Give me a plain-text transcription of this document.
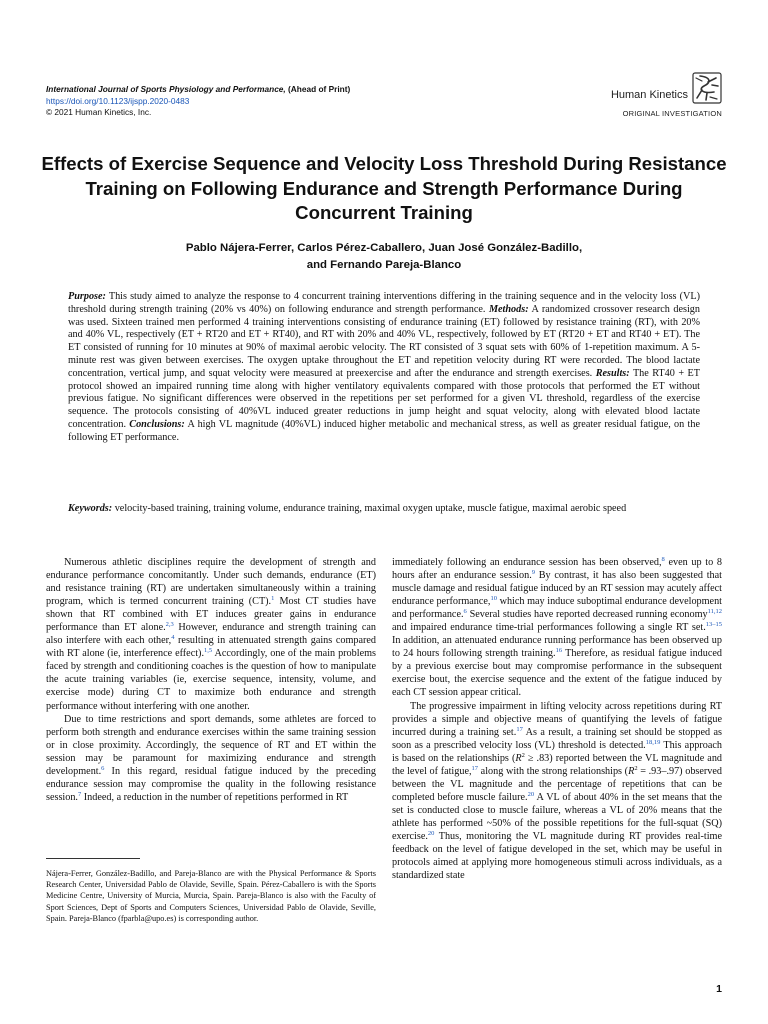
International Journal of Sports Physiology and Performance, (Ahead of Print)
https://doi.org/10.1123/ijspp.2020-0483
© 2021 Human Kinetics, Inc.
Human Kinetics
ORIGINAL INVESTIGATION
Effects of Exercise Sequence and Velocity Loss Threshold During Resistance Training on Following Endurance and Strength Performance During Concurrent Training
Pablo Nájera-Ferrer, Carlos Pérez-Caballero, Juan José González-Badillo,
and Fernando Pareja-Blanco
Purpose: This study aimed to analyze the response to 4 concurrent training interventions differing in the training sequence and in the velocity loss (VL) threshold during strength training (20% vs 40%) on following endurance and strength performance. Methods: A randomized crossover research design was used. Sixteen trained men performed 4 training interventions consisting of endurance training (ET) followed by resistance training (RT), with 20% and 40% VL, respectively (ET + RT20 and ET + RT40), and RT with 20% and 40% VL, respectively, followed by ET (RT20 + ET and RT40 + ET). The ET consisted of running for 10 minutes at 90% of maximal aerobic velocity. The RT consisted of 3 squat sets with 60% of 1-repetition maximum. A 5-minute rest was given between exercises. The oxygen uptake throughout the ET and repetition velocity during RT were recorded. The blood lactate concentration, vertical jump, and squat velocity were measured at preexercise and after the endurance and strength exercises. Results: The RT40 + ET protocol showed an impaired running time along with higher ventilatory equivalents compared with those protocols that performed the ET without previous fatigue. No significant differences were observed in the repetitions per set performed for a given VL threshold, regardless of the exercise sequence. The protocols consisting of 40%VL induced greater reductions in jump height and squat velocity, along with elevated blood lactate concentration. Conclusions: A high VL magnitude (40%VL) induced higher metabolic and mechanical stress, as well as greater residual fatigue, on the following ET performance.
Keywords: velocity-based training, training volume, endurance training, maximal oxygen uptake, muscle fatigue, maximal aerobic speed

Numerous athletic disciplines require the development of strength and endurance performance concomitantly. Under such demands, endurance (ET) and resistance training (RT) are undertaken simultaneously within a training program, which is termed concurrent training (CT).$^1$ Most CT studies have shown that RT combined with ET induces greater gains in endurance performance than ET alone.$^{2,3}$ However, endurance and strength training can also interfere with each other,$^4$ resulting in attenuated strength gains compared with RT alone (ie, interference effect).$^{1,5}$ Accordingly, one of the main problems faced by strength and conditioning coaches is the question of how to manipulate the acute training variables (ie, exercise sequence, intensity, volume, and exercise mode) during CT to maximize both endurance and strength performance without interfering with one another.

Due to time restrictions and sport demands, some athletes are forced to perform both strength and endurance exercises within the same training session or in close proximity. Accordingly, the sequence of RT and ET within the session may be paramount for maximizing endurance and strength development.$^6$ In this regard, residual fatigue induced by the preceding endurance session may compromise the quality in the following resistance session.$^7$ Indeed, a reduction in the number of repetitions performed in RT

Nájera-Ferrer, González-Badillo, and Pareja-Blanco are with the Physical Performance & Sports Research Center, Universidad Pablo de Olavide, Seville, Spain. Pérez-Caballero is with the Sports Medicine Centre, University of Murcia, Murcia, Spain. Pareja-Blanco is also with the Faculty of Sport Sciences, Dept of Sports and Computers Sciences, Universidad Pablo de Olavide, Seville, Spain. Pareja-Blanco (fparbla@upo.es) is corresponding author.

immediately following an endurance session has been observed,$^8$ even up to 8 hours after an endurance session.$^9$ By contrast, it has also been suggested that muscle damage and residual fatigue induced by an RT session may acutely affect endurance performance,$^{10}$ which may induce suboptimal endurance development and performance.$^6$ Several studies have reported decreased running economy$^{11,12}$ and impaired endurance time-trial performances following a single RT set.$^{13-15}$ In addition, an attenuated endurance running performance has been observed up to 24 hours following strength training.$^{16}$ Therefore, as residual fatigue induced by a previous exercise bout may compromise performance in the subsequent exercise bout, the exercise sequence and the extent of the fatigue induced by each CT session appear critical.

The progressive impairment in lifting velocity across repetitions during RT provides a simple and objective means of quantifying the levels of fatigue incurred during a training set.$^{17}$ As a result, a training set should be stopped as soon as a prescribed velocity loss (VL) threshold is detected.$^{18,19}$ This approach is based on the relationships $(R^2 \ge .83)$ reported between the VL magnitude and the level of fatigue,$^{17}$ along with the strong relationships $(R^2 = .93-.97)$ observed between the VL magnitude and the percentage of repetitions that can be completed before muscle failure.$^{20}$ A VL of about 40% in the set means that the set is conducted close to muscle failure, whereas a VL of 20% means that the athlete has performed ~50% of the possible repetitions for the full-squat (SQ) exercise.$^{20}$ Thus, monitoring the VL magnitude during RT provides real-time feedback on the level of fatigue developed in the set, which may be useful in protocols aimed at applying more homogeneous stimuli across individuals, as a standardized state

1
